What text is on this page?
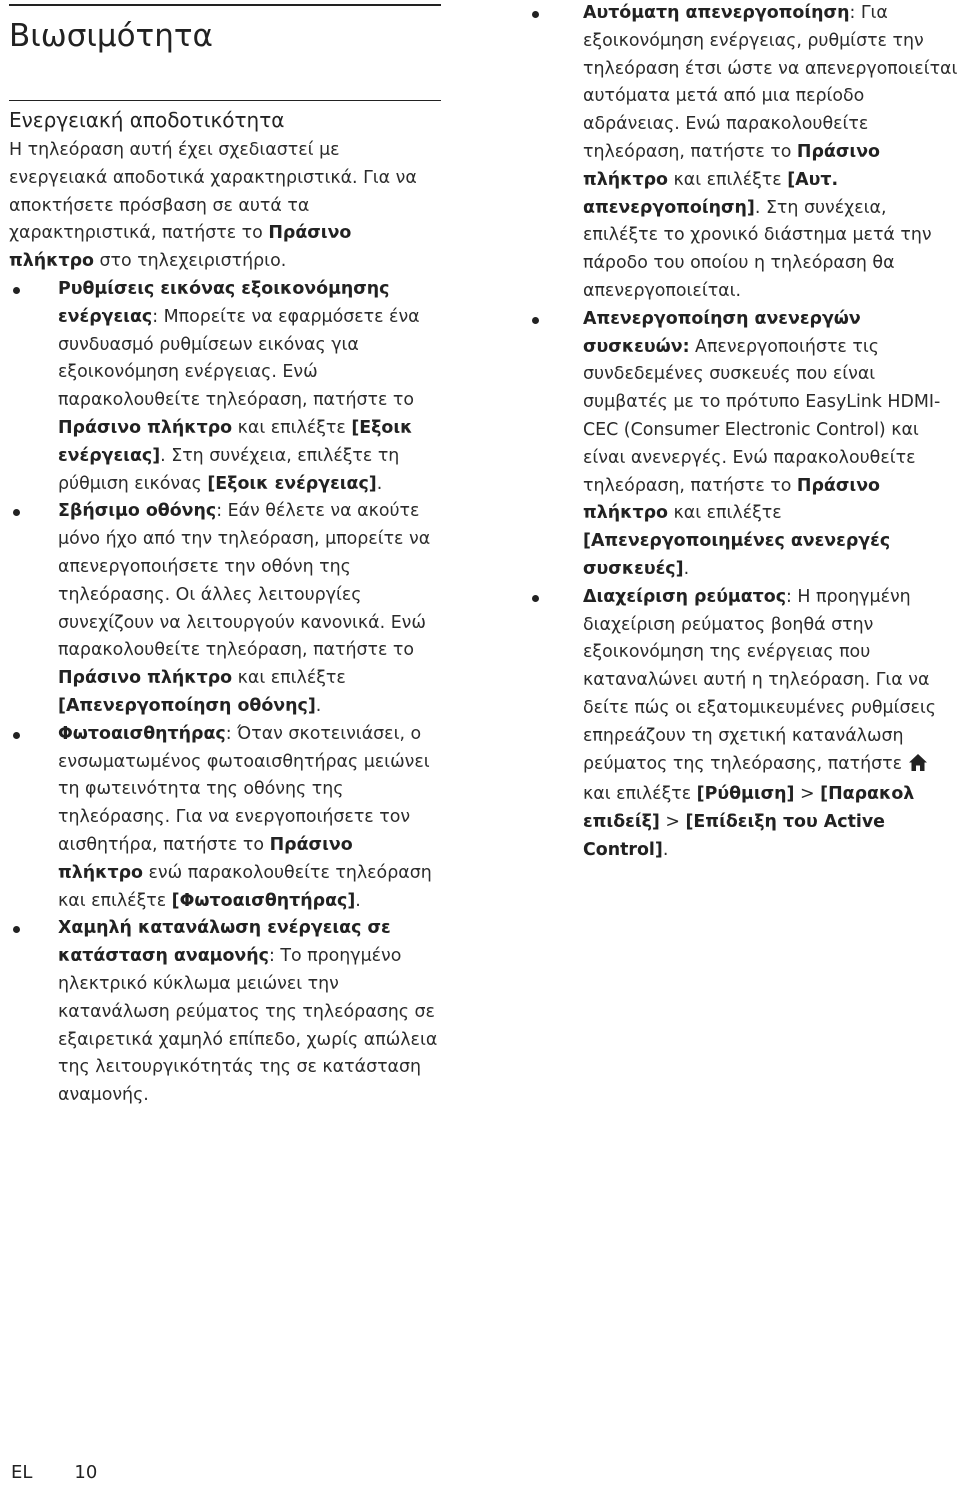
Βιωσιμότητα
Ενεργειακή αποδοτικότητα

Η τηλεόραση αυτή έχει σχεδιαστεί με ενεργειακά αποδοτικά χαρακτηριστικά. Για να αποκτήσετε πρόσβαση σε αυτά τα χαρακτηριστικά, πατήστε το Πράσινο πλήκτρο στο τηλεχειριστήριο.

Ρυθμίσεις εικόνας εξοικονόμησης ενέργειας: Μπορείτε να εφαρμόσετε ένα συνδυασμό ρυθμίσεων εικόνας για εξοικονόμηση ενέργειας. Ενώ παρακολουθείτε τηλεόραση, πατήστε το Πράσινο πλήκτρο και επιλέξτε [Εξοικ ενέργειας]. Στη συνέχεια, επιλέξτε τη ρύθμιση εικόνας [Εξοικ ενέργειας].
Σβήσιμο οθόνης: Εάν θέλετε να ακούτε μόνο ήχο από την τηλεόραση, μπορείτε να απενεργοποιήσετε την οθόνη της τηλεόρασης. Οι άλλες λειτουργίες συνεχίζουν να λειτουργούν κανονικά. Ενώ παρακολουθείτε τηλεόραση, πατήστε το Πράσινο πλήκτρο και επιλέξτε [Απενεργοποίηση οθόνης].
Φωτοαισθητήρας: Όταν σκοτεινιάσει, ο ενσωματωμένος φωτοαισθητήρας μειώνει τη φωτεινότητα της οθόνης της τηλεόρασης. Για να ενεργοποιήσετε τον αισθητήρα, πατήστε το Πράσινο πλήκτρο ενώ παρακολουθείτε τηλεόραση και επιλέξτε [Φωτοαισθητήρας].
Χαμηλή κατανάλωση ενέργειας σε κατάσταση αναμονής: Το προηγμένο ηλεκτρικό κύκλωμα μειώνει την κατανάλωση ρεύματος της τηλεόρασης σε εξαιρετικά χαμηλό επίπεδο, χωρίς απώλεια της λειτουργικότητάς της σε κατάσταση αναμονής.
Αυτόματη απενεργοποίηση: Για εξοικονόμηση ενέργειας, ρυθμίστε την τηλεόραση έτσι ώστε να απενεργοποιείται αυτόματα μετά από μια περίοδο αδράνειας. Ενώ παρακολουθείτε τηλεόραση, πατήστε το Πράσινο πλήκτρο και επιλέξτε [Αυτ. απενεργοποίηση]. Στη συνέχεια, επιλέξτε το χρονικό διάστημα μετά την πάροδο του οποίου η τηλεόραση θα απενεργοποιείται.
Απενεργοποίηση ανενεργών συσκευών: Απενεργοποιήστε τις συνδεδεμένες συσκευές που είναι συμβατές με το πρότυπο EasyLink HDMI-CEC (Consumer Electronic Control) και είναι ανενεργές. Ενώ παρακολουθείτε τηλεόραση, πατήστε το Πράσινο πλήκτρο και επιλέξτε [Απενεργοποιημένες ανενεργές συσκευές].
Διαχείριση ρεύματος: Η προηγμένη διαχείριση ρεύματος βοηθά στην εξοικονόμηση της ενέργειας που καταναλώνει αυτή η τηλεόραση. Για να δείτε πώς οι εξατομικευμένες ρυθμίσεις επηρεάζουν τη σχετική κατανάλωση ρεύματος της τηλεόρασης, πατήστε  και επιλέξτε [Ρύθμιση] > [Παρακολ επιδείξ] > [Επίδειξη του Active Control].
EL 10
